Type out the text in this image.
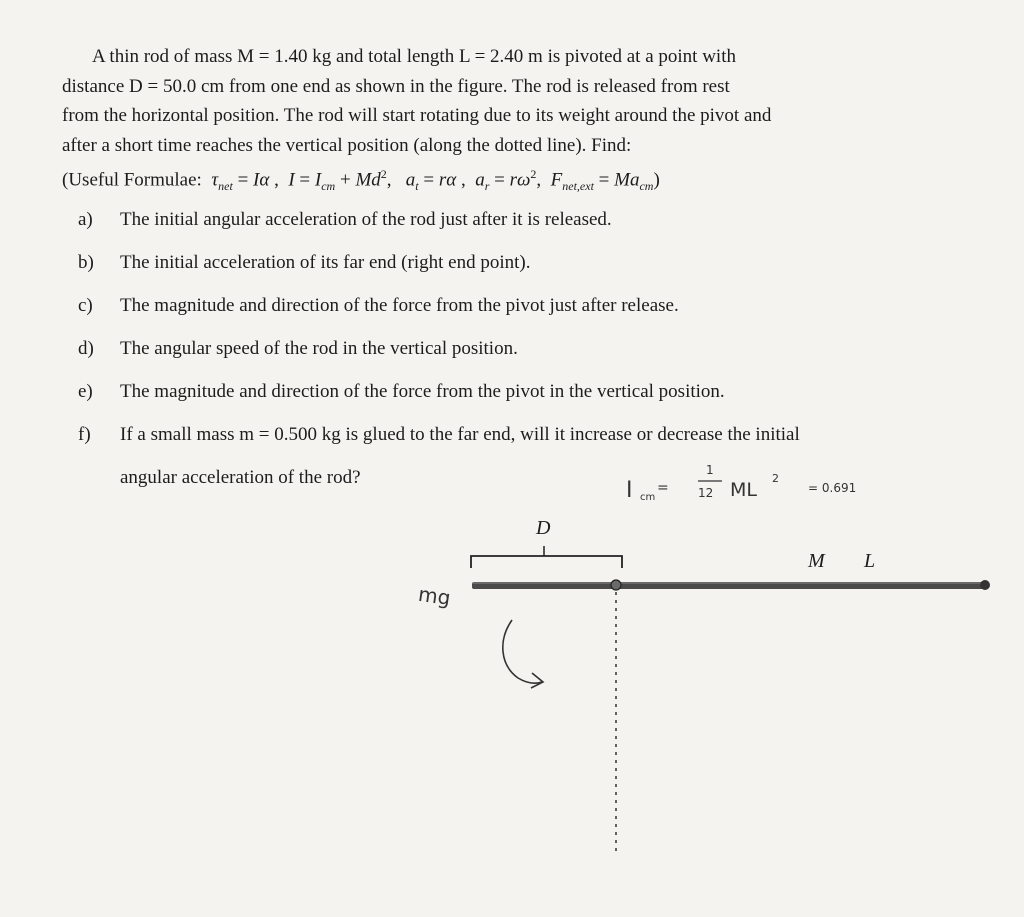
A thin rod of mass M = 1.40 kg and total length L = 2.40 m is pivoted at a point with

distance D = 50.0 cm from one end as shown in the figure. The rod is released from rest

from the horizontal position. The rod will start rotating due to its weight around the pivot and

after a short time reaches the vertical position (along the dotted line). Find:

(Useful Formulae: $\tau_{net} = I\alpha$ ,  $I = I_{cm} + Md^2$,   $a_t = r\alpha$ ,  $a_r = r\omega^2$,  $F_{net,ext} = Ma_{cm}$)

a) The initial angular acceleration of the rod just after it is released.
b) The initial acceleration of its far end (right end point).
c) The magnitude and direction of the force from the pivot just after release.
d) The angular speed of the rod in the vertical position.
e) The magnitude and direction of the force from the pivot in the vertical position.
f) If a small mass m = 0.500 kg is glued to the far end, will it increase or decrease the initial
angular acceleration of the rod?
D
M L
mg
I cm
=
1
12 ML
2
= 0.691
